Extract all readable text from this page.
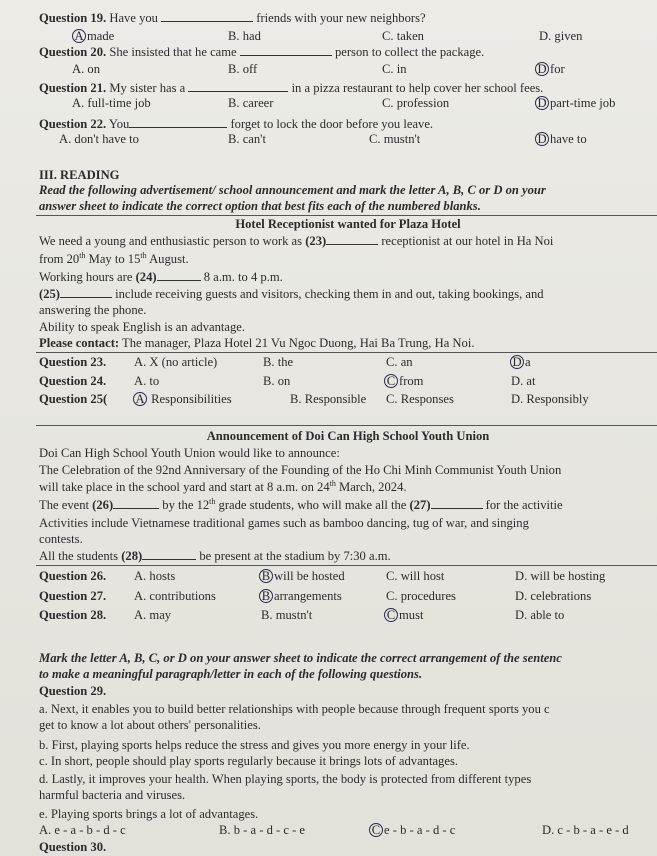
Question 19. Have you	friends with your new neighbors?
A made	B. had	C. taken	D. given
Question 20. She insisted that he came	person to collect the package.
A. on	B. off	C. in	D for
Question 21. My sister has a	in a pizza restaurant to help cover her school fees.
A. full-time job	B. career	C. profession	D part-time job
Question 22. You	forget to lock the door before you leave.
A. don't have to	B. can't	C. mustn't	D have to
III. READING
Read the following advertisement/ school announcement and mark the letter A, B, C or D on your
answer sheet to indicate the correct option that best fits each of the numbered blanks.
Hotel Receptionist wanted for Plaza Hotel
We need a young and enthusiastic person to work as (23)	receptionist at our hotel in Ha Noi
from 20th May to 15th August.
Working hours are (24)	8 a.m. to 4 p.m.
(25)	include receiving guests and visitors, checking them in and out, taking bookings, and
answering the phone.
Ability to speak English is an advantage.
Please contact: The manager, Plaza Hotel 21 Vu Ngoc Duong, Hai Ba Trung, Ha Noi.
Question 23. A. X (no article)	B. the	C. an	D a
Question 24. A. to	B. on	C from	D. at
Question 25( A Responsibilities	B. Responsible C. Responses	D. Responsibly
Announcement of Doi Can High School Youth Union
Doi Can High School Youth Union would like to announce:
The Celebration of the 92nd Anniversary of the Founding of the Ho Chi Minh Communist Youth Union
will take place in the school yard and start at 8 a.m. on 24th March, 2024.
The event (26)	by the 12th grade students, who will make all the (27)	for the activitie
Activities include Vietnamese traditional games such as bamboo dancing, tug of war, and singing
contests.
All the students (28)	be present at the stadium by 7:30 a.m.
Question 26. A. hosts	B will be hosted	C. will host	D. will be hosting
Question 27. A. contributions	B arrangements	C. procedures	D. celebrations
Question 28. A. may	B. mustn't	C must	D. able to
Mark the letter A, B, C, or D on your answer sheet to indicate the correct arrangement of the sentenc
to make a meaningful paragraph/letter in each of the following questions.
Question 29.
a. Next, it enables you to build better relationships with people because through frequent sports you c
get to know a lot about others' personalities.
b. First, playing sports helps reduce the stress and gives you more energy in your life.
c. In short, people should play sports regularly because it brings lots of advantages.
d. Lastly, it improves your health. When playing sports, the body is protected from different types
harmful bacteria and viruses.
e. Playing sports brings a lot of advantages.
A. e - a - b - d - c	B. b - a - d - c - e	C e - b - a - d - c	D. c - b - a - e - d
Question 30.
